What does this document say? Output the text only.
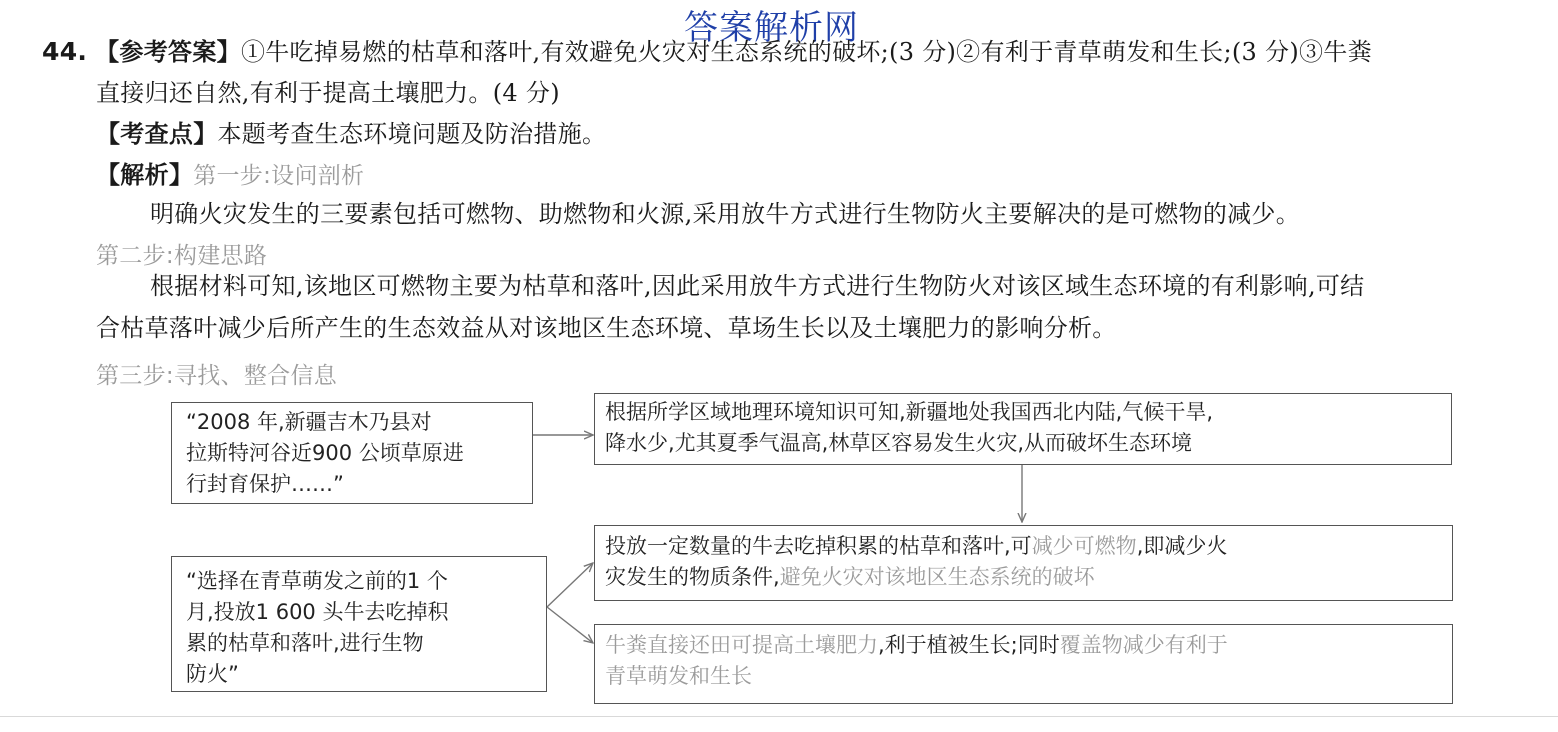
答案解析网
44. 【参考答案】①牛吃掉易燃的枯草和落叶,有效避免火灾对生态系统的破坏;(3 分)②有利于青草萌发和生长;(3 分)③牛粪
直接归还自然,有利于提高土壤肥力。(4 分)
【考查点】本题考查生态环境问题及防治措施。
【解析】第一步:设问剖析
明确火灾发生的三要素包括可燃物、助燃物和火源,采用放牛方式进行生物防火主要解决的是可燃物的减少。
第二步:构建思路
根据材料可知,该地区可燃物主要为枯草和落叶,因此采用放牛方式进行生物防火对该区域生态环境的有利影响,可结
合枯草落叶减少后所产生的生态效益从对该地区生态环境、草场生长以及土壤肥力的影响分析。
第三步:寻找、整合信息
“2008 年,新疆吉木乃县对
拉斯特河谷近900 公顷草原进
行封育保护……”
根据所学区域地理环境知识可知,新疆地处我国西北内陆,气候干旱,
降水少,尤其夏季气温高,林草区容易发生火灾,从而破坏生态环境
“选择在青草萌发之前的1 个
月,投放1 600 头牛去吃掉积
累的枯草和落叶,进行生物
防火”
投放一定数量的牛去吃掉积累的枯草和落叶,可减少可燃物,即减少火
灾发生的物质条件,避免火灾对该地区生态系统的破坏
牛粪直接还田可提高土壤肥力,利于植被生长;同时覆盖物减少有利于
青草萌发和生长
